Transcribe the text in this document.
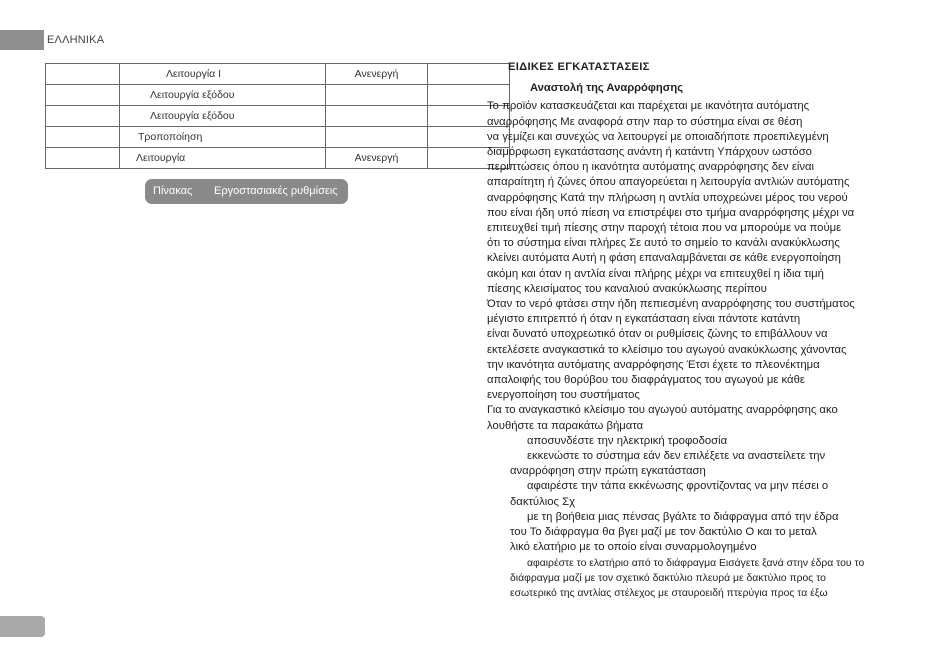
ΕΛΛΗΝΙΚΑ
	Λειτουργία I	Ανενεργή	
	Λειτουργία εξόδου		
	Λειτουργία εξόδου		
	Τροποποίηση		
	Λειτουργία	Ανενεργή	
Πίνακας Εργοστασιακές ρυθμίσεις
ΕΙΔΙΚΕΣ ΕΓΚΑΤΑΣΤΑΣΕΙΣ
Αναστολή της Αναρρόφησης
Το προϊόν κατασκευάζεται και παρέχεται με ικανότητα αυτόματης
αναρρόφησης Με αναφορά στην παρ το σύστημα είναι σε θέση
να γεμίζει και συνεχώς να λειτουργεί με οποιαδήποτε προεπιλεγμένη
διαμόρφωση εγκατάστασης ανάντη ή κατάντη Υπάρχουν ωστόσο
περιπτώσεις όπου η ικανότητα αυτόματης αναρρόφησης δεν είναι
απαραίτητη ή ζώνες όπου απαγορεύεται η λειτουργία αντλιών αυτόματης
αναρρόφησης Κατά την πλήρωση η αντλία υποχρεώνει μέρος του νερού
που είναι ήδη υπό πίεση να επιστρέψει στο τμήμα αναρρόφησης μέχρι να
επιτευχθεί τιμή πίεσης στην παροχή τέτοια που να μπορούμε να πούμε
ότι το σύστημα είναι πλήρες Σε αυτό το σημείο το κανάλι ανακύκλωσης
κλείνει αυτόματα Αυτή η φάση επαναλαμβάνεται σε κάθε ενεργοποίηση
ακόμη και όταν η αντλία είναι πλήρης μέχρι να επιτευχθεί η ίδια τιμή
πίεσης κλεισίματος του καναλιού ανακύκλωσης περίπου
Όταν το νερό φτάσει στην ήδη πεπιεσμένη αναρρόφησης του συστήματος
μέγιστο επιτρεπτό ή όταν η εγκατάσταση είναι πάντοτε κατάντη
είναι δυνατό υποχρεωτικό όταν οι ρυθμίσεις ζώνης το επιβάλλουν να
εκτελέσετε αναγκαστικά το κλείσιμο του αγωγού ανακύκλωσης χάνοντας
την ικανότητα αυτόματης αναρρόφησης Έτσι έχετε το πλεονέκτημα
απαλοιφής του θορύβου του διαφράγματος του αγωγού με κάθε
ενεργοποίηση του συστήματος
Για το αναγκαστικό κλείσιμο του αγωγού αυτόματης αναρρόφησης ακο
λουθήστε τα παρακάτω βήματα
αποσυνδέστε την ηλεκτρική τροφοδοσία
εκκενώστε το σύστημα εάν δεν επιλέξετε να αναστείλετε την
αναρρόφηση στην πρώτη εγκατάσταση
αφαιρέστε την τάπα εκκένωσης φροντίζοντας να μην πέσει ο
δακτύλιος Σχ
με τη βοήθεια μιας πένσας βγάλτε το διάφραγμα από την έδρα
του Το διάφραγμα θα βγει μαζί με τον δακτύλιο O και το μεταλ
λικό ελατήριο με το οποίο είναι συναρμολογημένο
αφαιρέστε το ελατήριο από το διάφραγμα Εισάγετε ξανά στην έδρα του το
διάφραγμα μαζί με τον σχετικό δακτύλιο πλευρά με δακτύλιο προς το
εσωτερικό της αντλίας στέλεχος με σταυροειδή πτερύγια προς τα έξω
